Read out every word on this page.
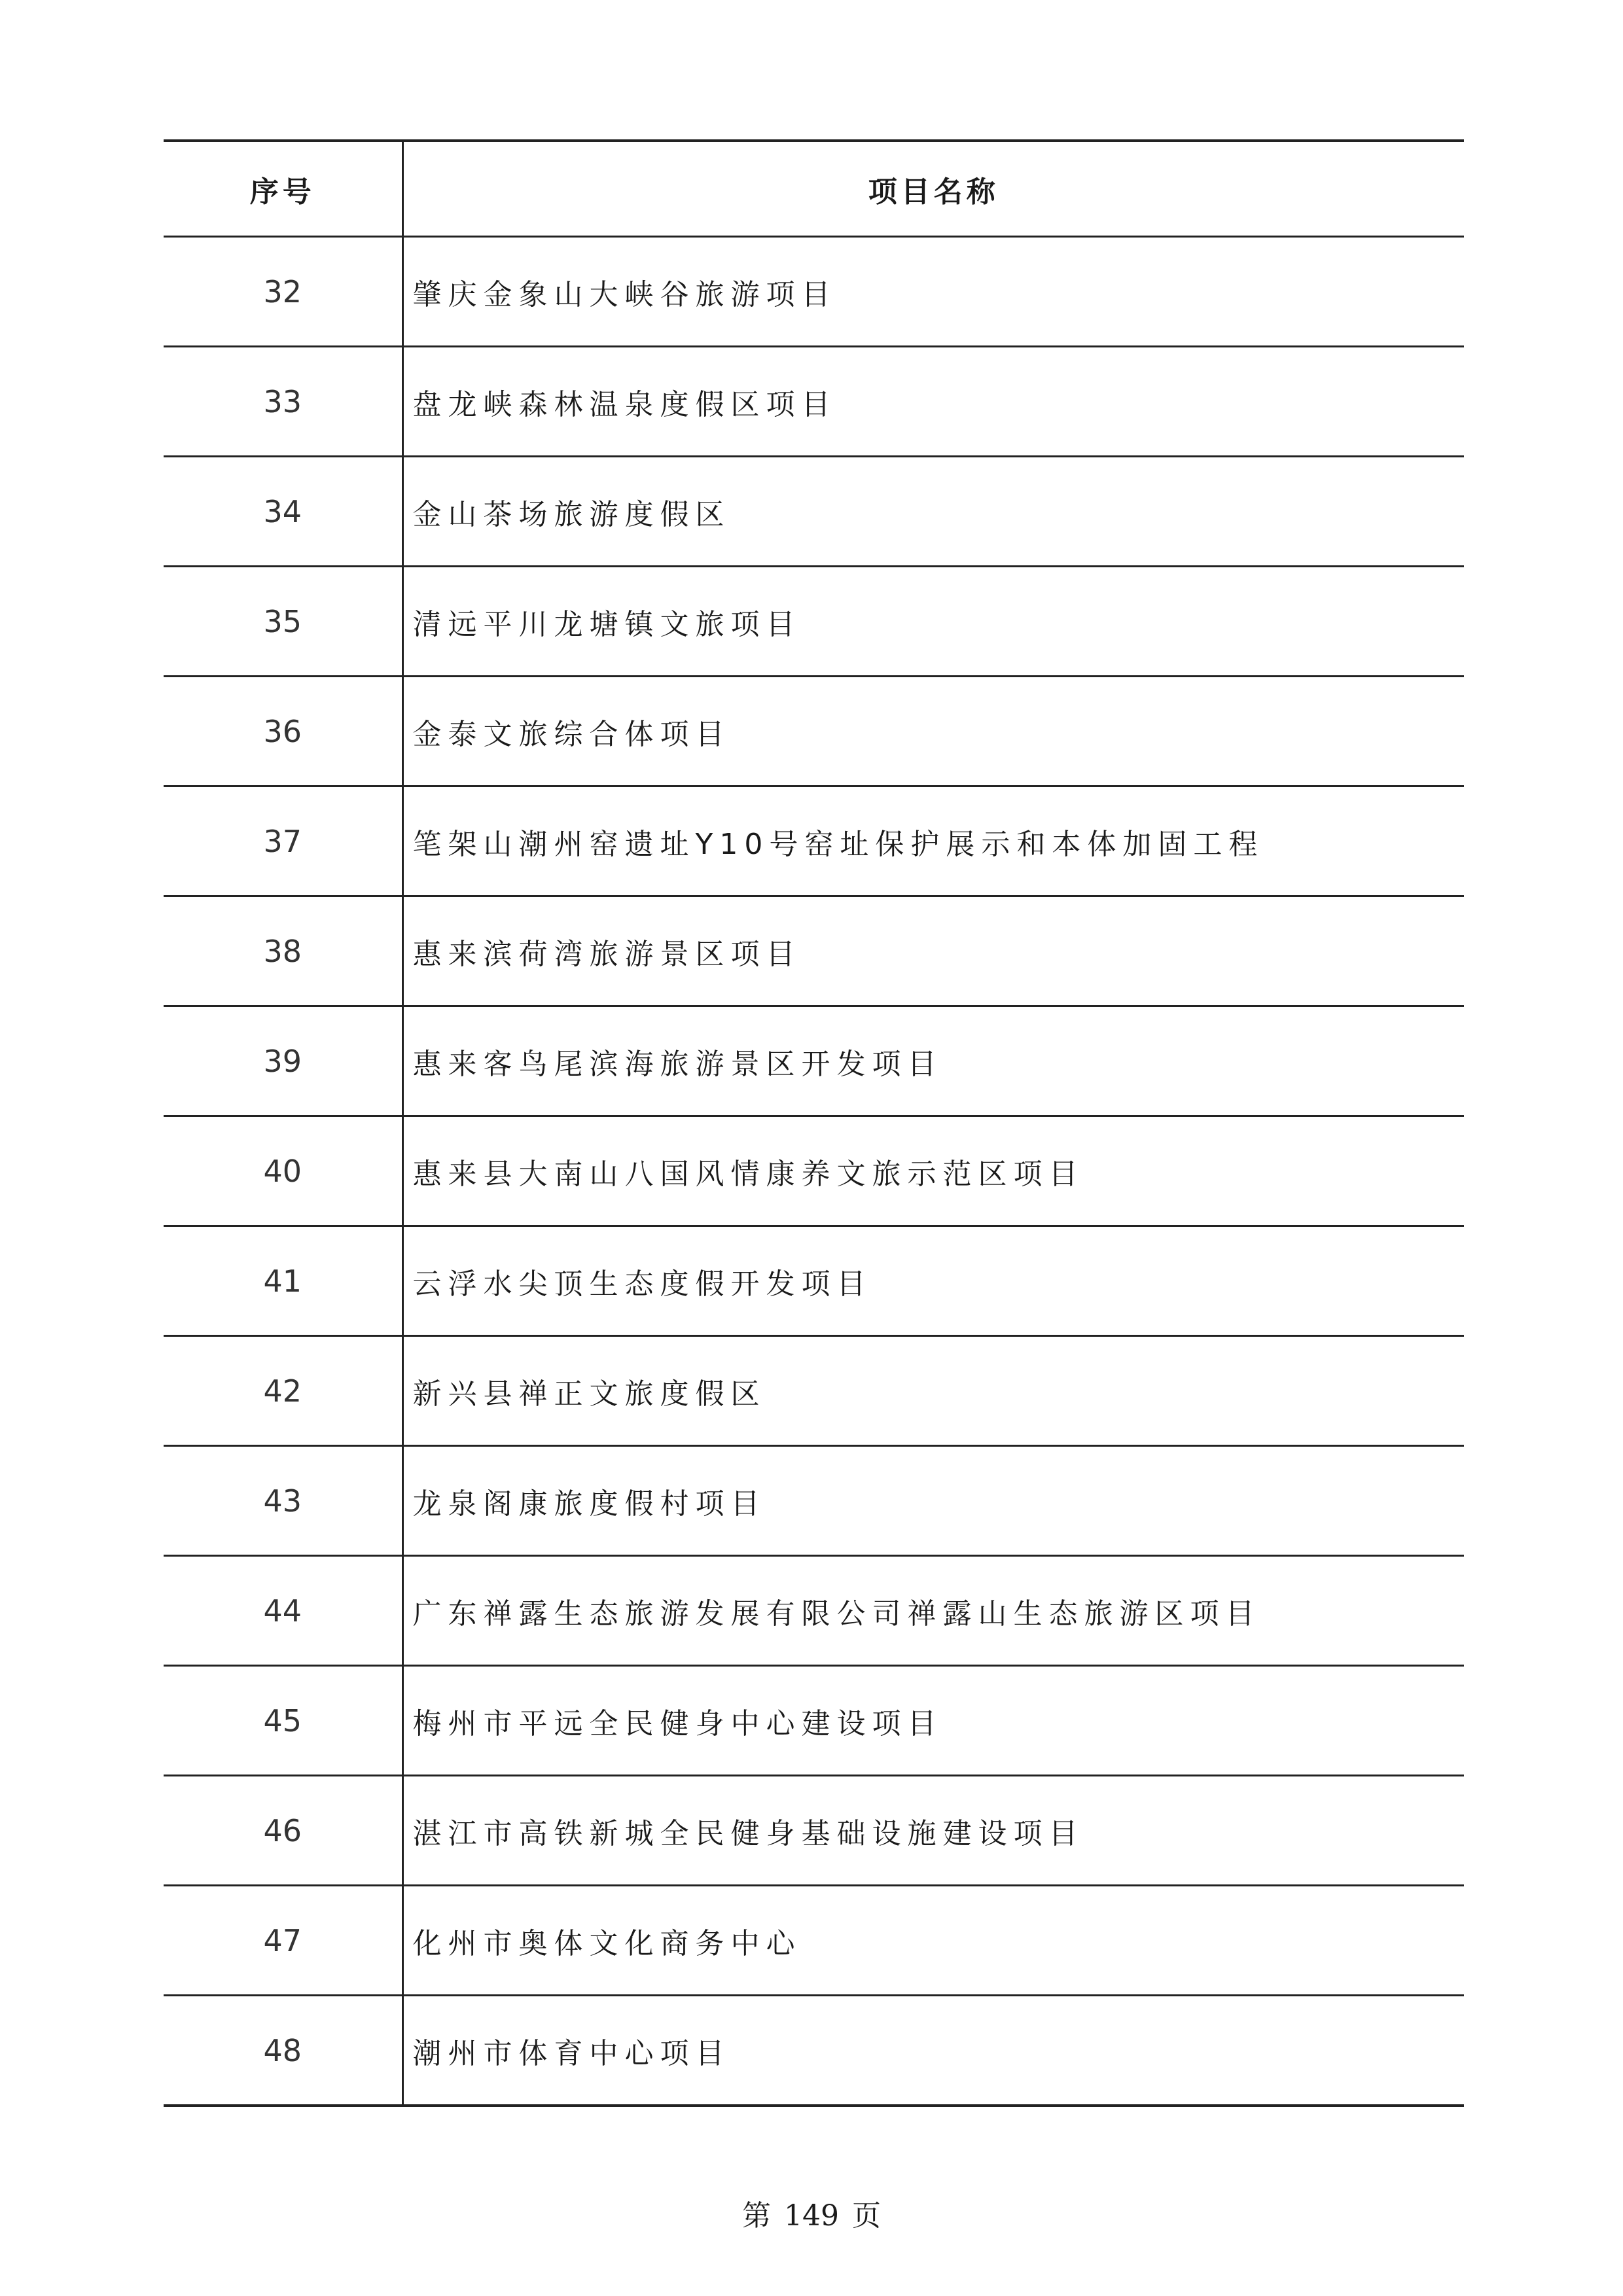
序号	项目名称
32	肇庆金象山大峡谷旅游项目
33	盘龙峡森林温泉度假区项目
34	金山茶场旅游度假区
35	清远平川龙塘镇文旅项目
36	金泰文旅综合体项目
37	笔架山潮州窑遗址Y10号窑址保护展示和本体加固工程
38	惠来滨荷湾旅游景区项目
39	惠来客鸟尾滨海旅游景区开发项目
40	惠来县大南山八国风情康养文旅示范区项目
41	云浮水尖顶生态度假开发项目
42	新兴县禅正文旅度假区
43	龙泉阁康旅度假村项目
44	广东禅露生态旅游发展有限公司禅露山生态旅游区项目
45	梅州市平远全民健身中心建设项目
46	湛江市高铁新城全民健身基础设施建设项目
47	化州市奥体文化商务中心
48	潮州市体育中心项目
第 149 页
